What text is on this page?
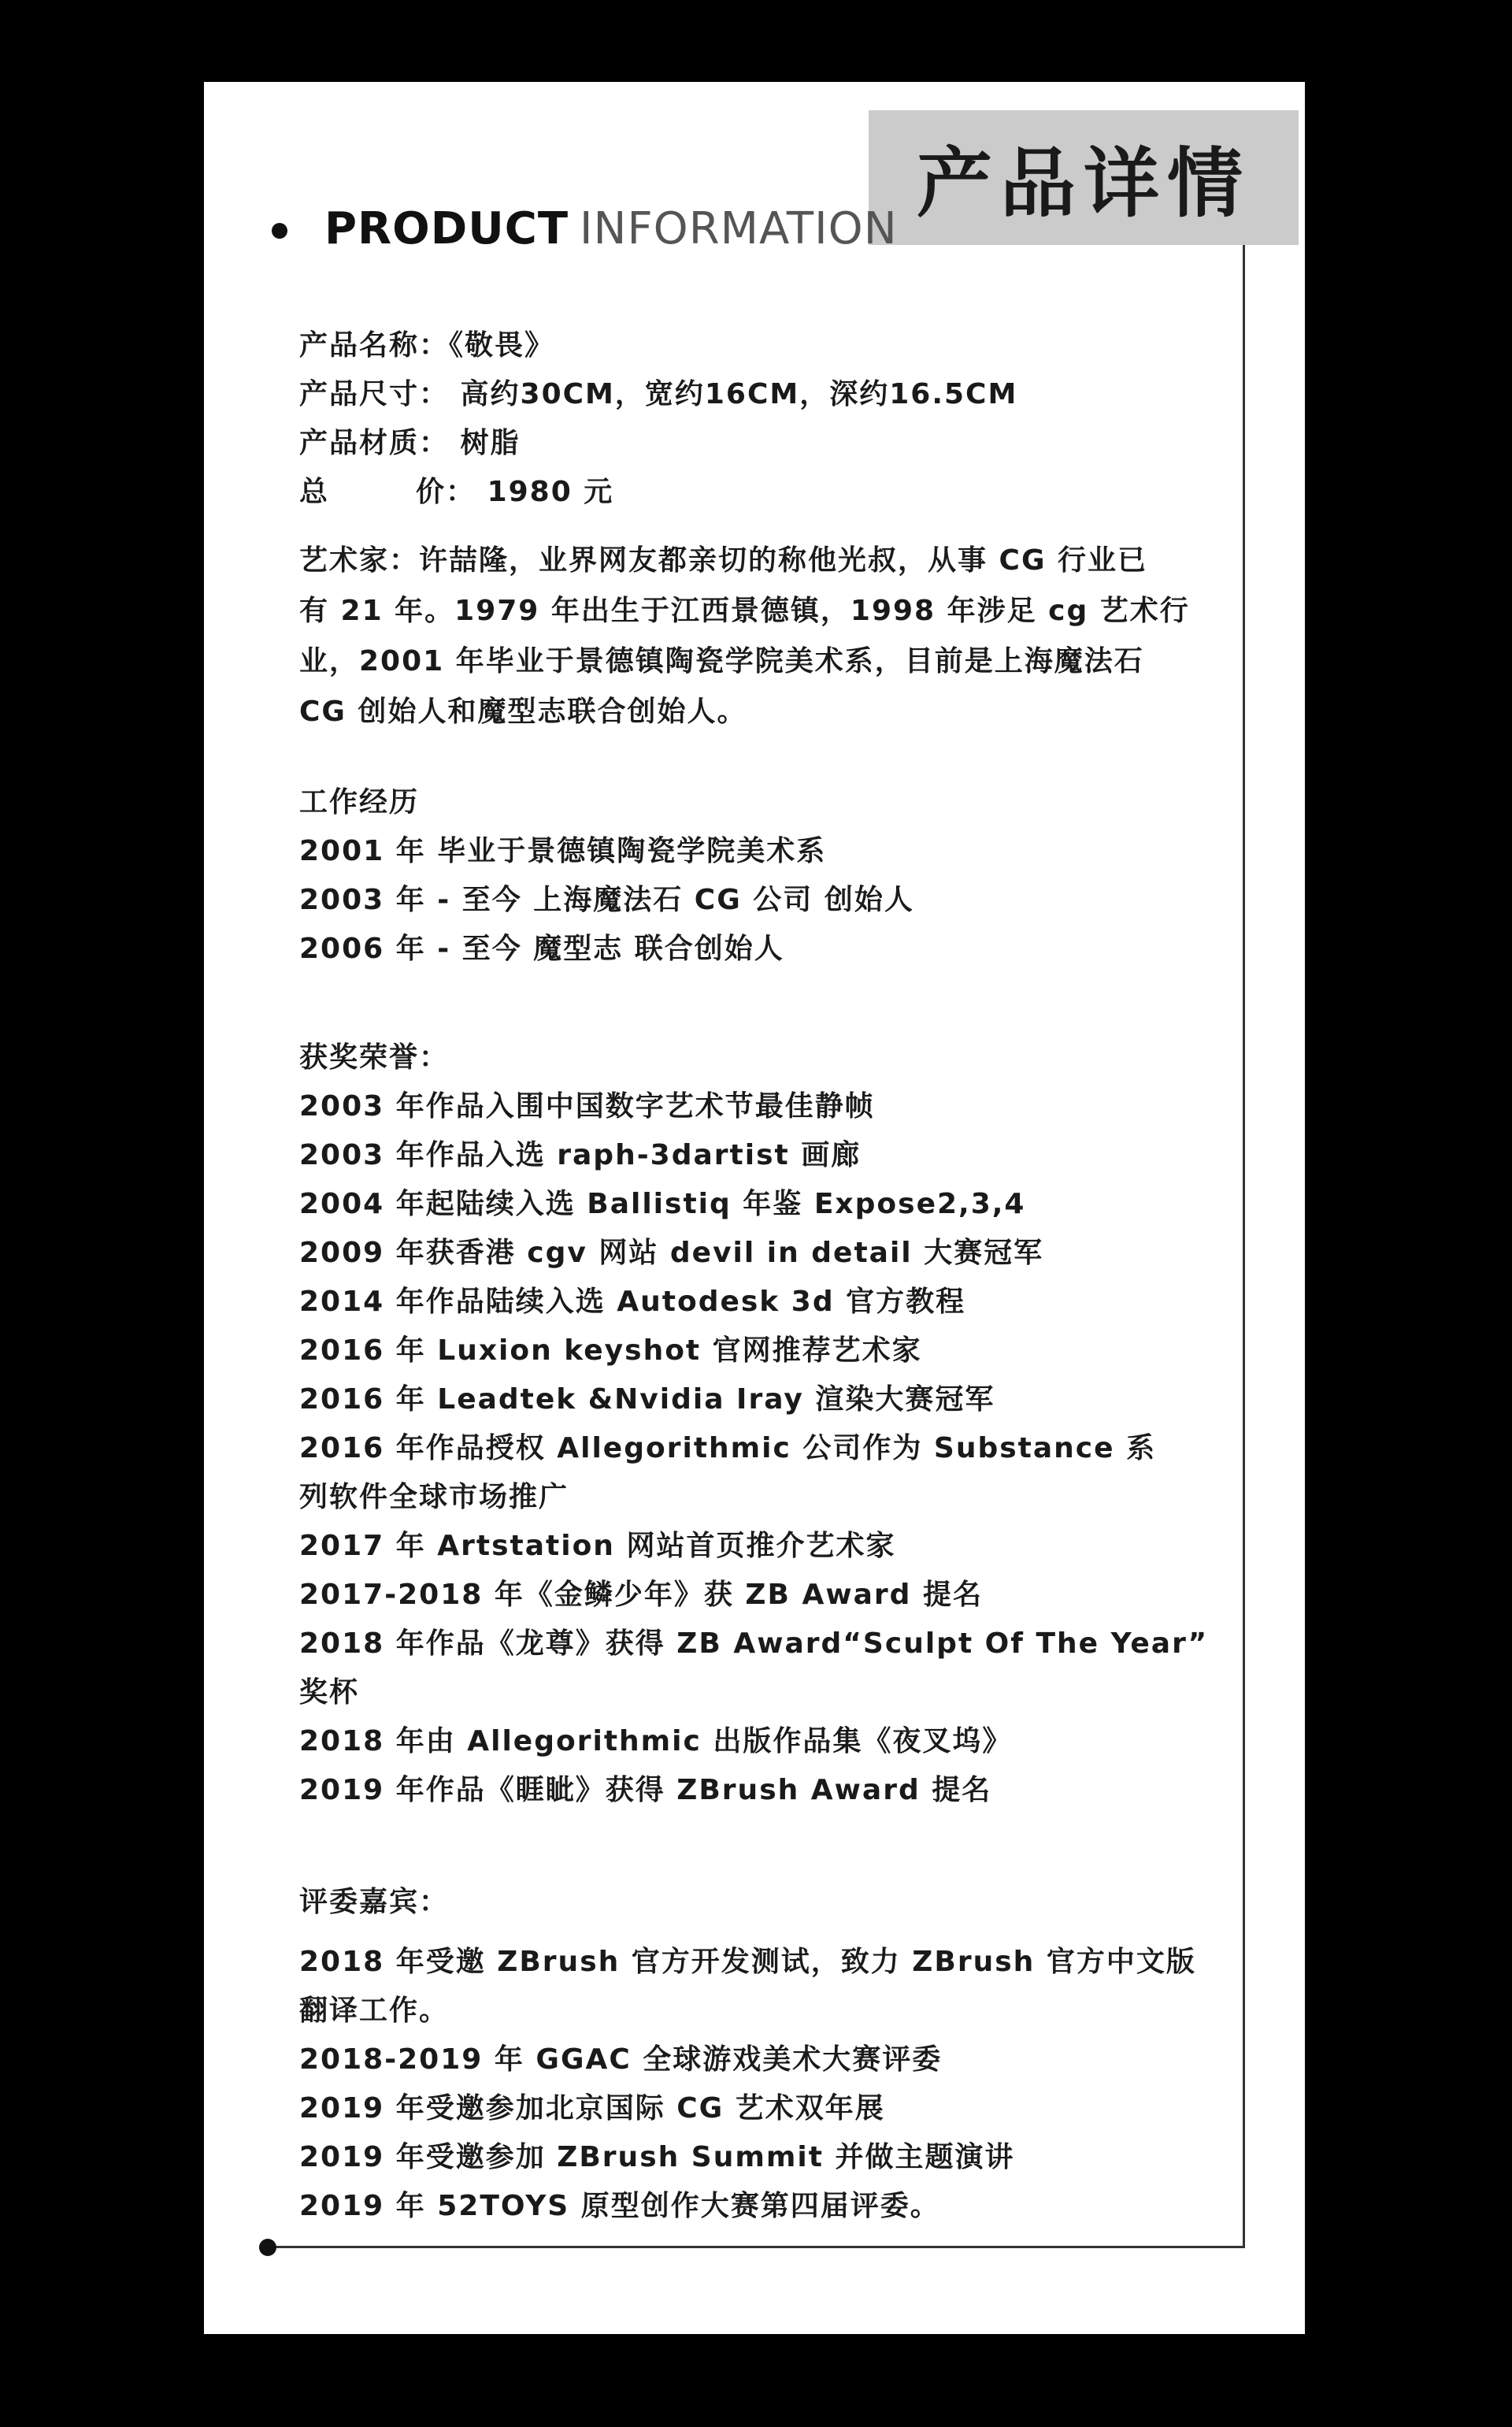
产品详情
PRODUCT INFORMATION
产品名称：《敬畏》
产品尺寸： 高约30CM，宽约16CM，深约16.5CM
产品材质： 树脂
总	价： 1980 元
艺术家：许喆隆，业界网友都亲切的称他光叔，从事 CG 行业已
有 21 年。1979 年出生于江西景德镇，1998 年涉足 cg 艺术行
业，2001 年毕业于景德镇陶瓷学院美术系，目前是上海魔法石
CG 创始人和魔型志联合创始人。
工作经历
2001 年 毕业于景德镇陶瓷学院美术系
2003 年 - 至今 上海魔法石 CG 公司 创始人
2006 年 - 至今 魔型志 联合创始人
获奖荣誉：
2003 年作品入围中国数字艺术节最佳静帧
2003 年作品入选 raph-3dartist 画廊
2004 年起陆续入选 Ballistiq 年鉴 Expose2,3,4
2009 年获香港 cgv 网站 devil in detail 大赛冠军
2014 年作品陆续入选 Autodesk 3d 官方教程
2016 年 Luxion keyshot 官网推荐艺术家
2016 年 Leadtek &Nvidia Iray 渲染大赛冠军
2016 年作品授权 Allegorithmic 公司作为 Substance 系
列软件全球市场推广
2017 年 Artstation 网站首页推介艺术家
2017-2018 年《金鳞少年》获 ZB Award 提名
2018 年作品《龙尊》获得 ZB Award“Sculpt Of The Year”
奖杯
2018 年由 Allegorithmic 出版作品集《夜叉坞》
2019 年作品《睚眦》获得 ZBrush Award 提名
评委嘉宾：
2018 年受邀 ZBrush 官方开发测试，致力 ZBrush 官方中文版
翻译工作。
2018-2019 年 GGAC 全球游戏美术大赛评委
2019 年受邀参加北京国际 CG 艺术双年展
2019 年受邀参加 ZBrush Summit 并做主题演讲
2019 年 52TOYS 原型创作大赛第四届评委。
